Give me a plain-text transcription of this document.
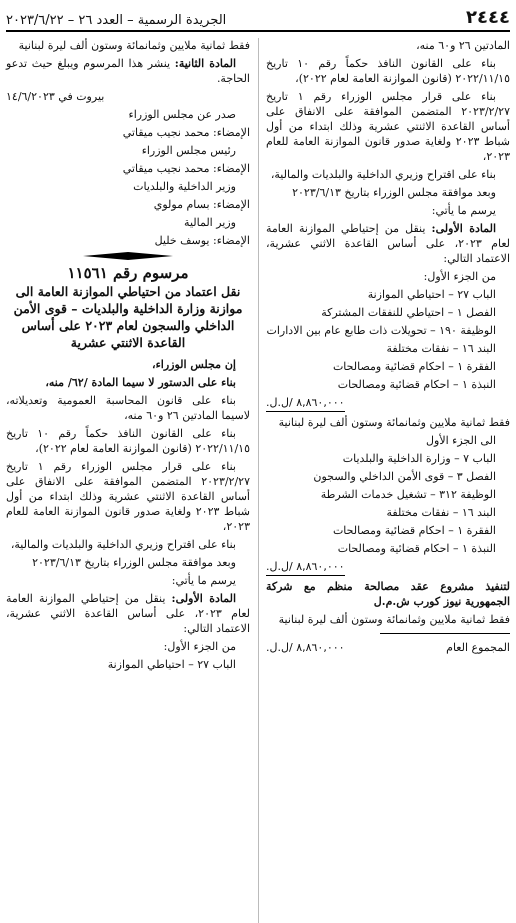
٢٤٤٤
الجريدة الرسمية – العدد ٢٦ – ٢٠٢٣/٦/٢٢

المادتين ٢٦ و٦٠ منه،

بناء على القانون النافذ حكماً رقم ١٠ تاريخ ٢٠٢٢/١١/١٥ (قانون الموازنة العامة لعام ٢٠٢٢)،

بناء على قرار مجلس الوزراء رقم ١ تاريخ ٢٠٢٣/٢/٢٧ المتضمن الموافقة على الانفاق على أساس القاعدة الاثنتي عشرية وذلك ابتداء من أول شباط ٢٠٢٣ ولغاية صدور قانون الموازنة العامة للعام ٢٠٢٣،

بناء على اقتراح وزيري الداخلية والبلديات والمالية،

وبعد موافقة مجلس الوزراء بتاريخ ٢٠٢٣/٦/١٣

يرسم ما يأتي:

المادة الأولى: ينقل من إحتياطي الموازنة العامة لعام ٢٠٢٣، على أساس القاعدة الاثني عشرية، الاعتماد التالي:

من الجزء الأول:

الباب ٢٧ – احتياطي الموازنة

الفصل ١ – احتياطي للنفقات المشتركة

الوظيفة ١٩٠ – تحويلات ذات طابع عام بين الادارات

البند ١٦ – نفقات مختلفة

الفقرة ١ – احكام قضائية ومصالحات

النبذة ١ – احكام قضائية ومصالحات

٨,٨٦٠,٠٠٠ /ل.ل.

فقط ثمانية ملايين وثمانمائة وستون ألف ليرة لبنانية

الى الجزء الأول

الباب ٧ – وزارة الداخلية والبلديات

الفصل ٣ – قوى الأمن الداخلي والسجون

الوظيفة ٣١٢ – تشغيل خدمات الشرطة

البند ١٦ – نفقات مختلفة

الفقرة ١ – احكام قضائية ومصالحات

النبذة ١ – احكام قضائية ومصالحات

٨,٨٦٠,٠٠٠ /ل.ل.

لتنفيذ مشروع عقد مصالحة منظم مع شركة الجمهورية نيوز كورب ش.م.ل

فقط ثمانية ملايين وثمانمائة وستون ألف ليرة لبنانية

المجموع العام
٨,٨٦٠,٠٠٠ /ل.ل.

فقط ثمانية ملايين وثمانمائة وستون ألف ليرة لبنانية

المادة الثانية: ينشر هذا المرسوم ويبلغ حيث تدعو الحاجة.

بيروت في ١٤/٦/٢٠٢٣

صدر عن مجلس الوزراء

الإمضاء: محمد نجيب ميقاتي

رئيس مجلس الوزراء

الإمضاء: محمد نجيب ميقاتي

وزير الداخلية والبلديات

الإمضاء: بسام مولوي

وزير المالية

الإمضاء: يوسف خليل

مرسوم رقم ١١٥٦١
نقل اعتماد من احتياطي الموازنة العامة الى موازنة وزارة الداخلية والبلديات – قوى الأمن الداخلي والسجون لعام ٢٠٢٣ على أساس القاعدة الاثنتي عشرية

إن مجلس الوزراء،

بناء على الدستور لا سيما المادة /٦٢/ منه،

بناء على قانون المحاسبة العمومية وتعديلاته، لاسيما المادتين ٢٦ و٦٠ منه،

بناء على القانون النافذ حكماً رقم ١٠ تاريخ ٢٠٢٢/١١/١٥ (قانون الموازنة العامة لعام ٢٠٢٢)،

بناء على قرار مجلس الوزراء رقم ١ تاريخ ٢٠٢٣/٢/٢٧ المتضمن الموافقة على الانفاق على أساس القاعدة الاثنتي عشرية وذلك ابتداء من أول شباط ٢٠٢٣ ولغاية صدور قانون الموازنة العامة للعام ٢٠٢٣،

بناء على اقتراح وزيري الداخلية والبلديات والمالية،

وبعد موافقة مجلس الوزراء بتاريخ ٢٠٢٣/٦/١٣

يرسم ما يأتي:

المادة الأولى: ينقل من إحتياطي الموازنة العامة لعام ٢٠٢٣، على أساس القاعدة الاثني عشرية، الاعتماد التالي:

من الجزء الأول:

الباب ٢٧ – احتياطي الموازنة
